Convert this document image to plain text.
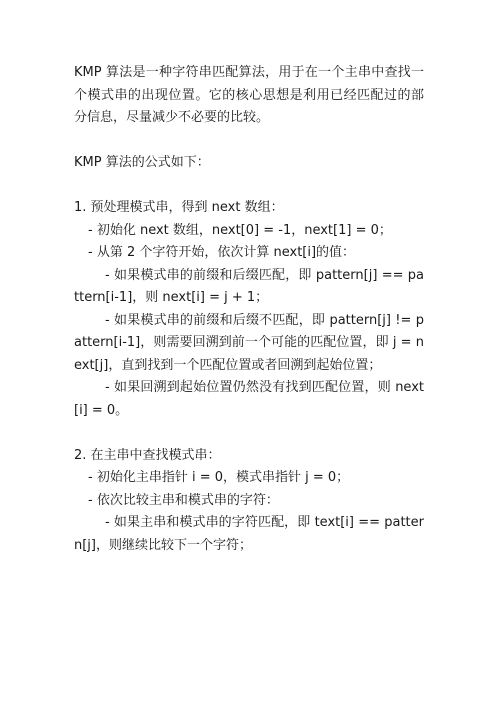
KMP 算法是一种字符串匹配算法，用于在一个主串中查找一个模式串的出现位置。它的核心思想是利用已经匹配过的部分信息，尽量减少不必要的比较。

KMP 算法的公式如下：

1. 预处理模式串，得到 next 数组：

- 初始化 next 数组，next[0] = -1，next[1] = 0；

- 从第 2 个字符开始，依次计算 next[i]的值：

- 如果模式串的前缀和后缀匹配，即 pattern[j] == pattern[i-1]，则 next[i] = j + 1；

- 如果模式串的前缀和后缀不匹配，即 pattern[j] != pattern[i-1]，则需要回溯到前一个可能的匹配位置，即 j = next[j]，直到找到一个匹配位置或者回溯到起始位置；

- 如果回溯到起始位置仍然没有找到匹配位置，则 next[i] = 0。

2. 在主串中查找模式串：

- 初始化主串指针 i = 0，模式串指针 j = 0；

- 依次比较主串和模式串的字符：

- 如果主串和模式串的字符匹配，即 text[i] == pattern[j]，则继续比较下一个字符；
